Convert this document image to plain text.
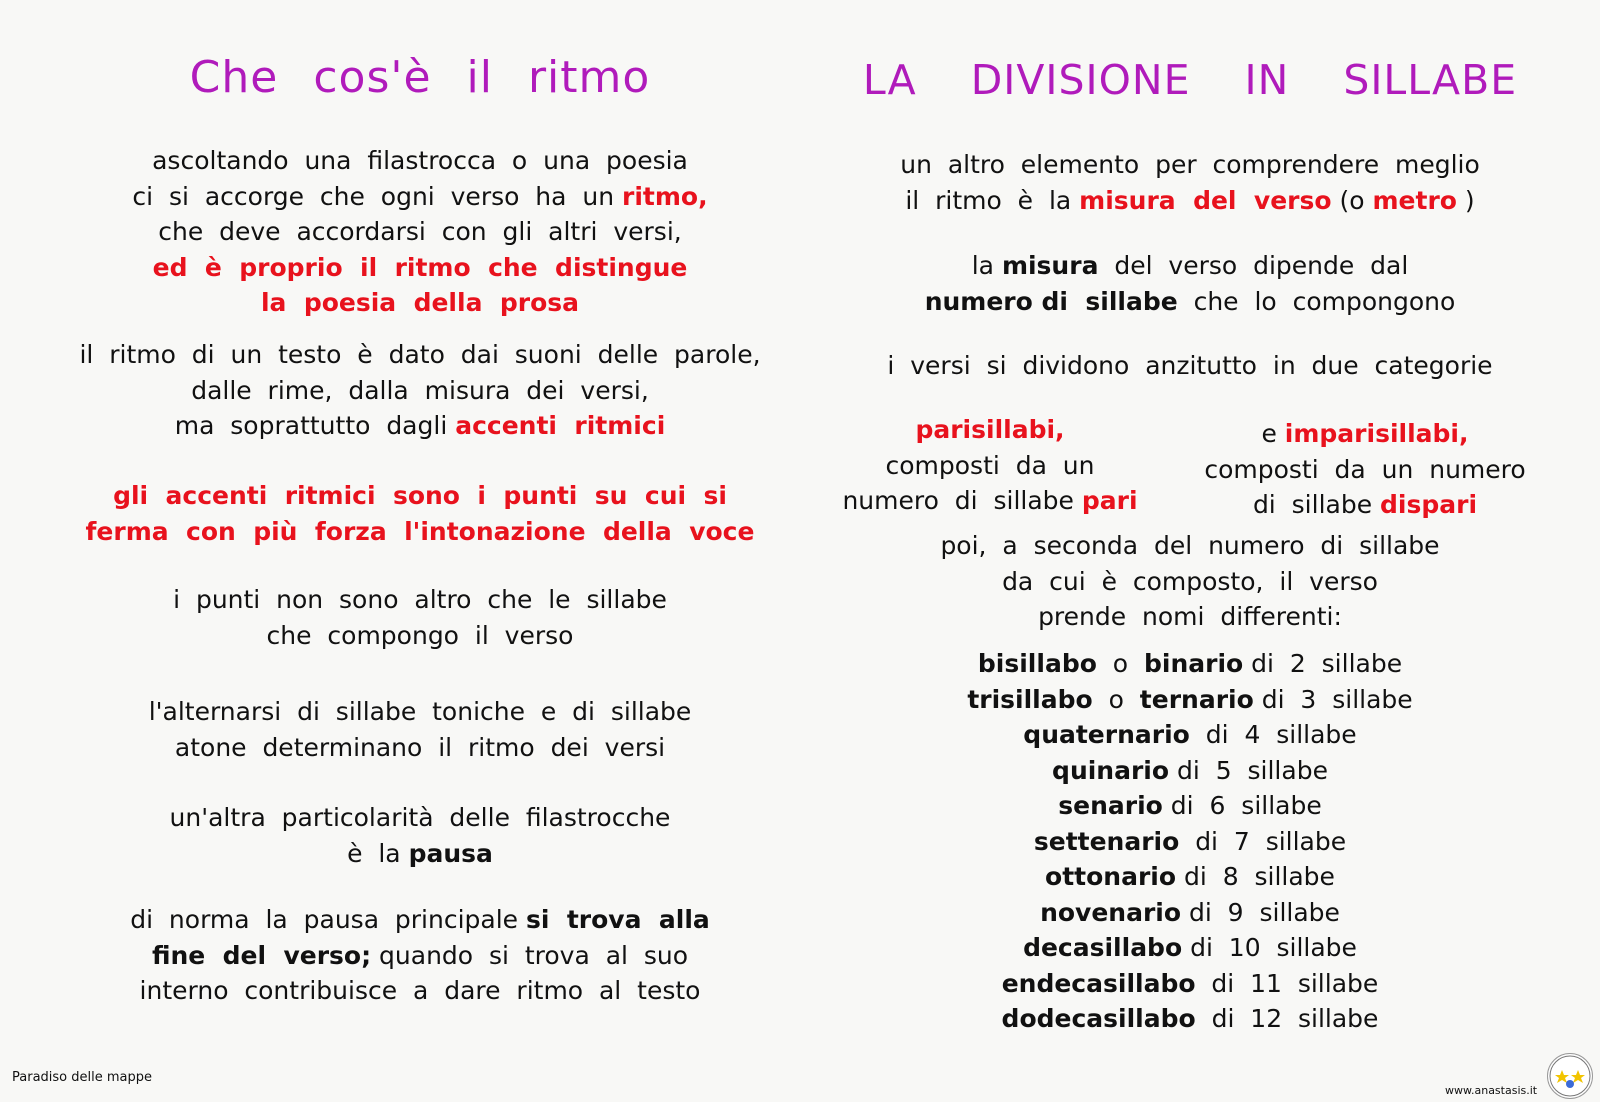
Che cos'è il ritmo
ascoltando  una  filastrocca  o  una  poesia
ci  si  accorge  che  ogni  verso  ha  un ritmo,
che  deve  accordarsi  con  gli  altri  versi,
ed  è  proprio  il  ritmo  che  distingue
la  poesia  della  prosa
il  ritmo  di  un  testo  è  dato  dai  suoni  delle  parole,
dalle  rime,  dalla  misura  dei  versi,
ma  soprattutto  dagli accenti  ritmici
gli  accenti  ritmici  sono  i  punti  su  cui  si
ferma  con  più  forza  l'intonazione  della  voce
i  punti  non  sono  altro  che  le  sillabe
che  compongo  il  verso
l'alternarsi  di  sillabe  toniche  e  di  sillabe
atone  determinano  il  ritmo  dei  versi
un'altra  particolarità  delle  filastrocche
è  la pausa
di  norma  la  pausa  principale si  trova  alla
fine  del  verso; quando  si  trova  al  suo
interno  contribuisce  a  dare  ritmo  al  testo
LA DIVISIONE IN SILLABE
un  altro  elemento  per  comprendere  meglio
il  ritmo  è  la misura  del  verso (o metro )
la misura  del  verso  dipende  dal
numero di  sillabe  che  lo  compongono
i  versi  si  dividono  anzitutto  in  due  categorie
parisillabi,
composti  da  un
numero  di  sillabe pari
e imparisillabi,
composti  da  un  numero
di  sillabe dispari
poi,  a  seconda  del  numero  di  sillabe
da  cui  è  composto,  il  verso
prende  nomi  differenti:
bisillabo  o  binario di  2  sillabe
trisillabo  o  ternario di  3  sillabe
quaternario  di  4  sillabe
quinario di  5  sillabe
senario di  6  sillabe
settenario  di  7  sillabe
ottonario di  8  sillabe
novenario di  9  sillabe
decasillabo di  10  sillabe
endecasillabo  di  11  sillabe
dodecasillabo  di  12  sillabe
Paradiso delle mappe
www.anastasis.it
